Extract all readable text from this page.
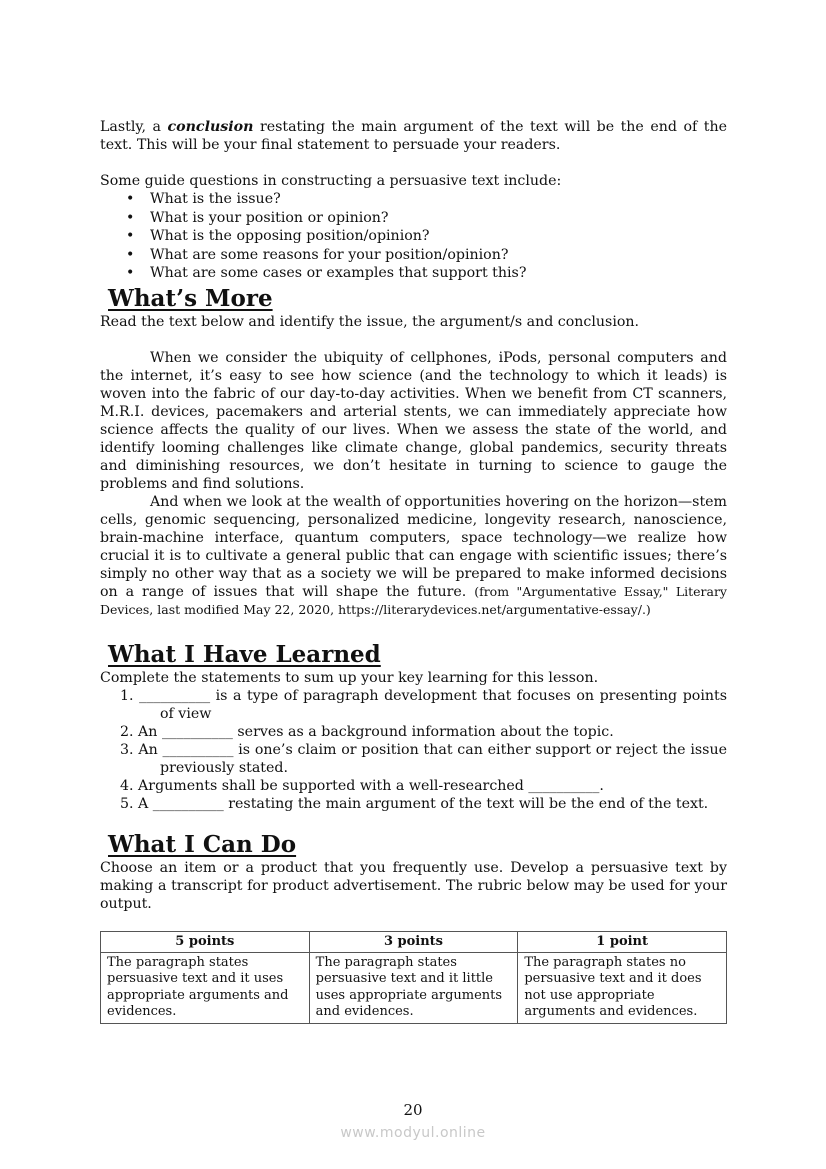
Lastly, a conclusion restating the main argument of the text will be the end of the text. This will be your final statement to persuade your readers.

Some guide questions in constructing a persuasive text include:

• What is the issue?
• What is your position or opinion?
• What is the opposing position/opinion?
• What are some reasons for your position/opinion?
• What are some cases or examples that support this?
What’s More

Read the text below and identify the issue, the argument/s and conclusion.

When we consider the ubiquity of cellphones, iPods, personal computers and the internet, it’s easy to see how science (and the technology to which it leads) is woven into the fabric of our day-to-day activities. When we benefit from CT scanners, M.R.I. devices, pacemakers and arterial stents, we can immediately appreciate how science affects the quality of our lives. When we assess the state of the world, and identify looming challenges like climate change, global pandemics, security threats and diminishing resources, we don’t hesitate in turning to science to gauge the problems and find solutions.

And when we look at the wealth of opportunities hovering on the horizon—stem cells, genomic sequencing, personalized medicine, longevity research, nanoscience, brain-machine interface, quantum computers, space technology—we realize how crucial it is to cultivate a general public that can engage with scientific issues; there’s simply no other way that as a society we will be prepared to make informed decisions on a range of issues that will shape the future. (from "Argumentative Essay," Literary Devices, last modified May 22, 2020, https://literarydevices.net/argumentative-essay/.)

What I Have Learned

Complete the statements to sum up your key learning for this lesson.

1. __________ is a type of paragraph development that focuses on presenting points of view
2. An __________ serves as a background information about the topic.
3. An __________ is one’s claim or position that can either support or reject the issue previously stated.
4. Arguments shall be supported with a well-researched __________.
5. A __________ restating the main argument of the text will be the end of the text.
What I Can Do

Choose an item or a product that you frequently use. Develop a persuasive text by making a transcript for product advertisement. The rubric below may be used for your output.

5 points	3 points	1 point
The paragraph states persuasive text and it uses appropriate arguments and evidences.	The paragraph states persuasive text and it little uses appropriate arguments and evidences.	The paragraph states no persuasive text and it does not use appropriate arguments and evidences.
20
www.modyul.online
